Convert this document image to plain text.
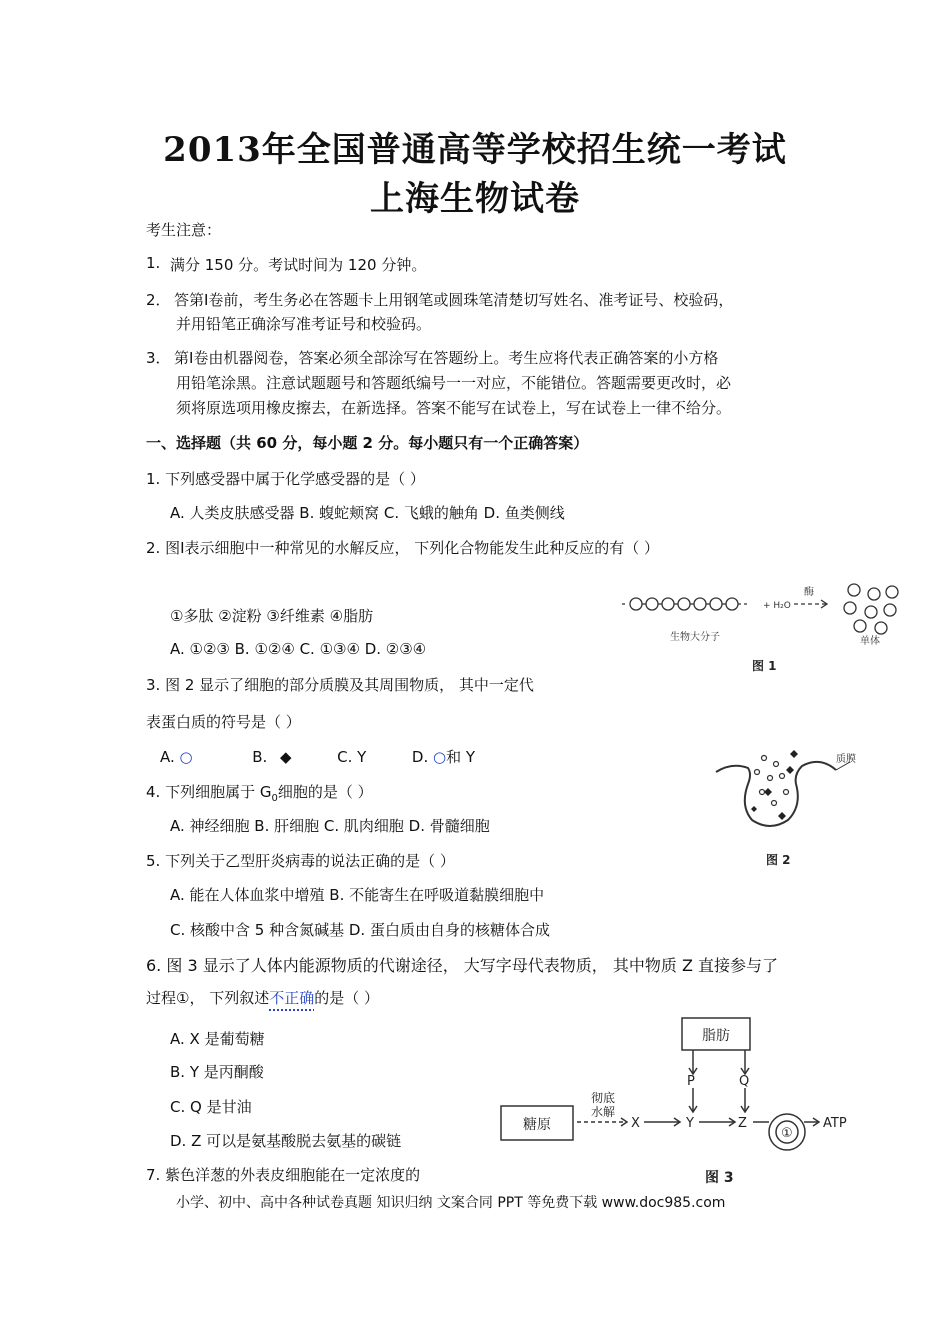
2013年全国普通高等学校招生统一考试
上海生物试卷
考生注意：
1. 满分 150 分。考试时间为 120 分钟。
2． 答第Ⅰ卷前，考生务必在答题卡上用钢笔或圆珠笔清楚切写姓名、准考证号、校验码，
并用铅笔正确涂写准考证号和校验码。
3． 第Ⅰ卷由机器阅卷，答案必须全部涂写在答题纷上。考生应将代表正确答案的小方格
用铅笔涂黑。注意试题题号和答题纸编号一一对应，不能错位。答题需要更改时，必
须将原选项用橡皮擦去，在新选择。答案不能写在试卷上，写在试卷上一律不给分。
一、选择题（共 60 分，每小题 2 分。每小题只有一个正确答案）
1. 下列感受器中属于化学感受器的是（ ）
A. 人类皮肤感受器 B. 蝮蛇颊窝 C. 飞蛾的触角 D. 鱼类侧线
2. 图Ⅰ表示细胞中一种常见的水解反应， 下列化合物能发生此种反应的有（ ）
①多肽 ②淀粉 ③纤维素 ④脂肪
A. ①②③ B. ①②④ C. ①③④ D. ②③④
3. 图 2 显示了细胞的部分质膜及其周围物质， 其中一定代
表蛋白质的符号是（ ）
A. ○	B. ◆	C. Y	D. ○和 Y
4. 下列细胞属于 $G_0$细胞的是（ ）
A. 神经细胞 B. 肝细胞 C. 肌肉细胞 D. 骨髓细胞
5. 下列关于乙型肝炎病毒的说法正确的是（ ）
A. 能在人体血浆中增殖 B. 不能寄生在呼吸道黏膜细胞中
C. 核酸中含 5 种含氮碱基 D. 蛋白质由自身的核糖体合成
6. 图 3 显示了人体内能源物质的代谢途径， 大写字母代表物质， 其中物质 Z 直接参与了
过程①， 下列叙述不正确的是（ ）
A. X 是葡萄糖
B. Y 是丙酮酸
C. Q 是甘油
D. Z 可以是氨基酸脱去氨基的碳链
7. 紫色洋葱的外表皮细胞能在一定浓度的
小学、初中、高中各种试卷真题 知识归纳 文案合同 PPT 等免费下载 www.doc985.com
+ H₂O
酶
生物大分子	单体
图 1
质膜
图 2
脂肪
糖原
彻底
水解
X	Y	Z
P	Q
①
ATP
图 3
